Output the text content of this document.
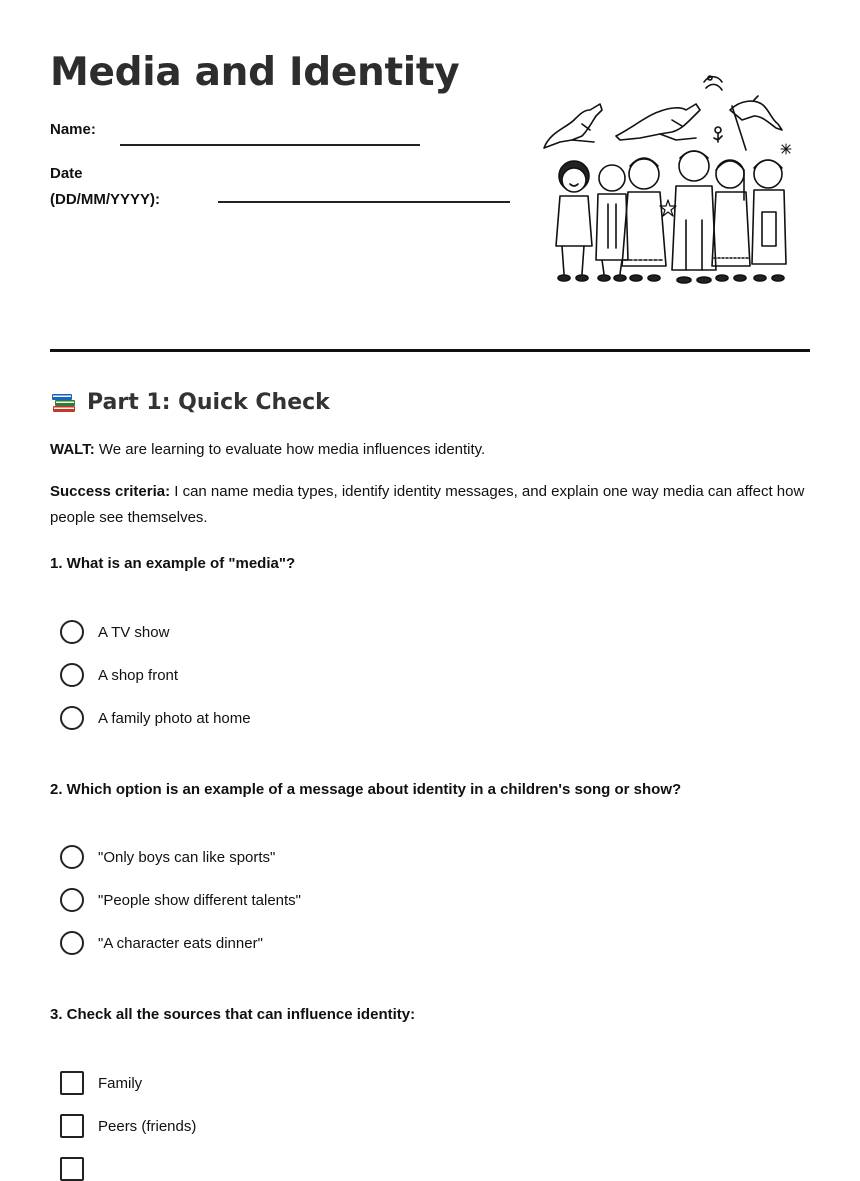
Media and Identity
Name:
Date
(DD/MM/YYYY):
Part 1: Quick Check
WALT: We are learning to evaluate how media influences identity.
Success criteria: I can name media types, identify identity messages, and explain one way media can affect how people see themselves.
1. What is an example of "media"?
A TV show
A shop front
A family photo at home
2. Which option is an example of a message about identity in a children's song or show?
"Only boys can like sports"
"People show different talents"
"A character eats dinner"
3. Check all the sources that can influence identity:
Family
Peers (friends)
